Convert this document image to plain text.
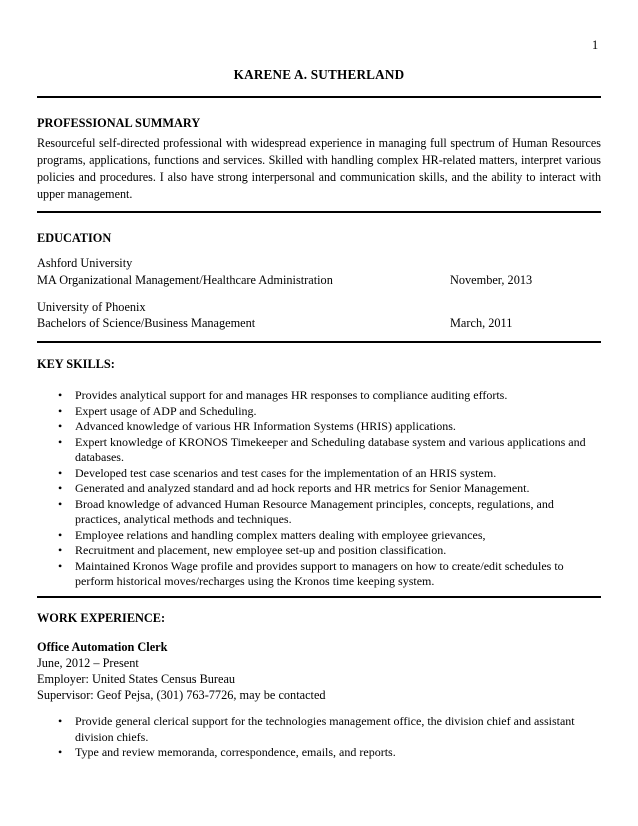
1
KARENE A. SUTHERLAND
PROFESSIONAL SUMMARY
Resourceful self-directed professional with widespread experience in managing full spectrum of Human Resources programs, applications, functions and services. Skilled with handling complex HR-related matters, interpret various policies and procedures. I also have strong interpersonal and communication skills, and the ability to interact with upper management.
EDUCATION
Ashford University
MA Organizational Management/Healthcare Administration	November, 2013
University of Phoenix
Bachelors of Science/Business Management	March, 2011
KEY SKILLS:
• Provides analytical support for and manages HR responses to compliance auditing efforts.
• Expert usage of ADP and Scheduling.
• Advanced knowledge of various HR Information Systems (HRIS) applications.
• Expert knowledge of KRONOS Timekeeper and Scheduling database system and various applications and databases.
• Developed test case scenarios and test cases for the implementation of an HRIS system.
• Generated and analyzed standard and ad hock reports and HR metrics for Senior Management.
• Broad knowledge of advanced Human Resource Management principles, concepts, regulations, and practices, analytical methods and techniques.
• Employee relations and handling complex matters dealing with employee grievances,
• Recruitment and placement, new employee set-up and position classification.
• Maintained Kronos Wage profile and provides support to managers on how to create/edit schedules to perform historical moves/recharges using the Kronos time keeping system.
WORK EXPERIENCE:
Office Automation Clerk
June, 2012 – Present
Employer: United States Census Bureau
Supervisor: Geof Pejsa, (301) 763-7726, may be contacted
• Provide general clerical support for the technologies management office, the division chief and assistant division chiefs.
• Type and review memoranda, correspondence, emails, and reports.
